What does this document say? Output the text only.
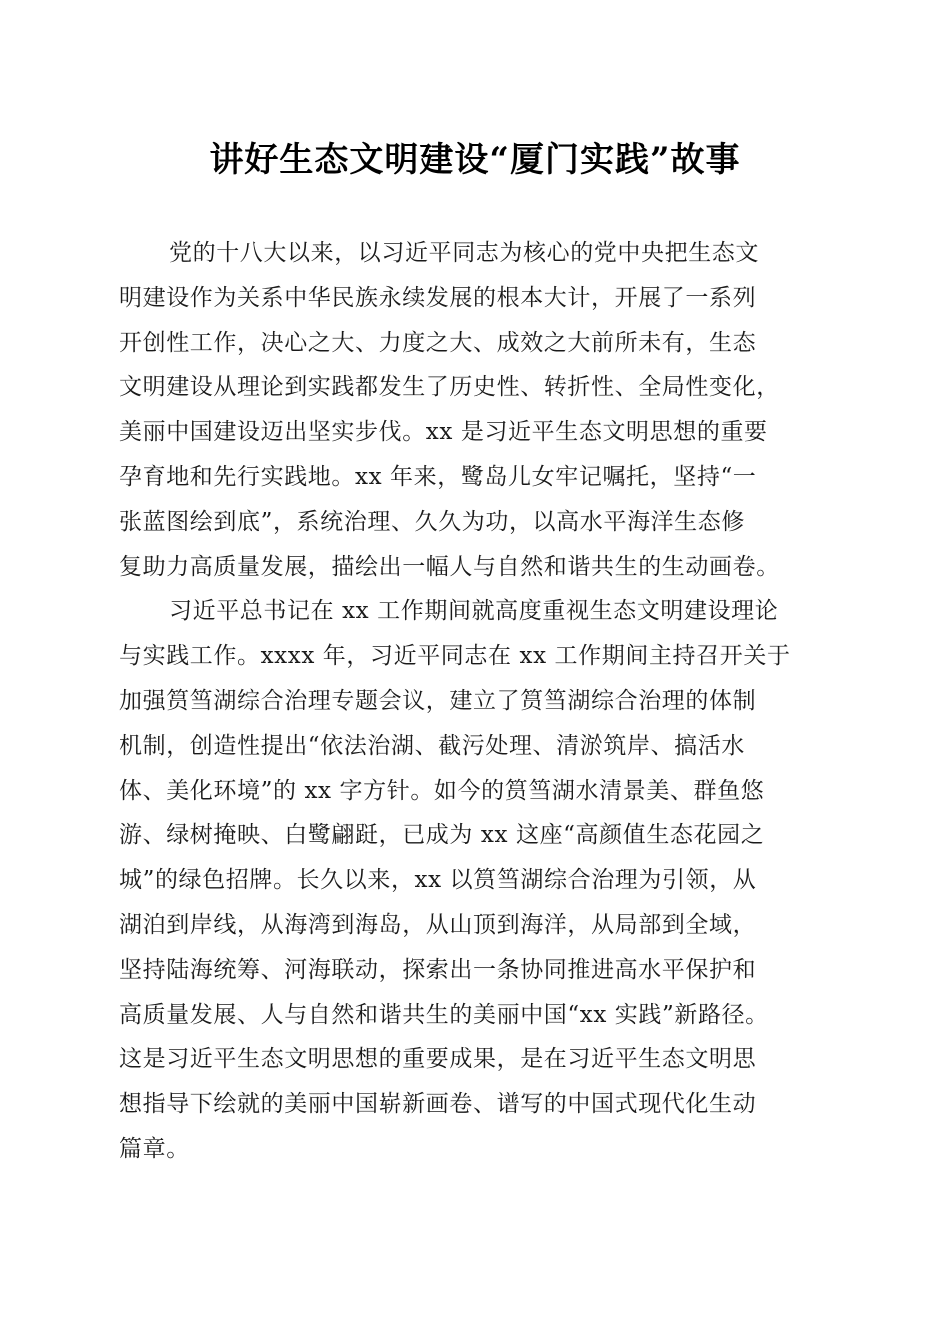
讲好生态文明建设“厦门实践”故事
党的十八大以来，以习近平同志为核心的党中央把生态文
明建设作为关系中华民族永续发展的根本大计，开展了一系列
开创性工作，决心之大、力度之大、成效之大前所未有，生态
文明建设从理论到实践都发生了历史性、转折性、全局性变化，
美丽中国建设迈出坚实步伐。xx 是习近平生态文明思想的重要
孕育地和先行实践地。xx 年来，鹭岛儿女牢记嘱托，坚持“一
张蓝图绘到底”，系统治理、久久为功，以高水平海洋生态修
复助力高质量发展，描绘出一幅人与自然和谐共生的生动画卷。
习近平总书记在 xx 工作期间就高度重视生态文明建设理论
与实践工作。xxxx 年，习近平同志在 xx 工作期间主持召开关于
加强筼筜湖综合治理专题会议，建立了筼筜湖综合治理的体制
机制，创造性提出“依法治湖、截污处理、清淤筑岸、搞活水
体、美化环境”的 xx 字方针。如今的筼筜湖水清景美、群鱼悠
游、绿树掩映、白鹭翩跹，已成为 xx 这座“高颜值生态花园之
城”的绿色招牌。长久以来，xx 以筼筜湖综合治理为引领，从
湖泊到岸线，从海湾到海岛，从山顶到海洋，从局部到全域，
坚持陆海统筹、河海联动，探索出一条协同推进高水平保护和
高质量发展、人与自然和谐共生的美丽中国“xx 实践”新路径。
这是习近平生态文明思想的重要成果，是在习近平生态文明思
想指导下绘就的美丽中国崭新画卷、谱写的中国式现代化生动
篇章。
